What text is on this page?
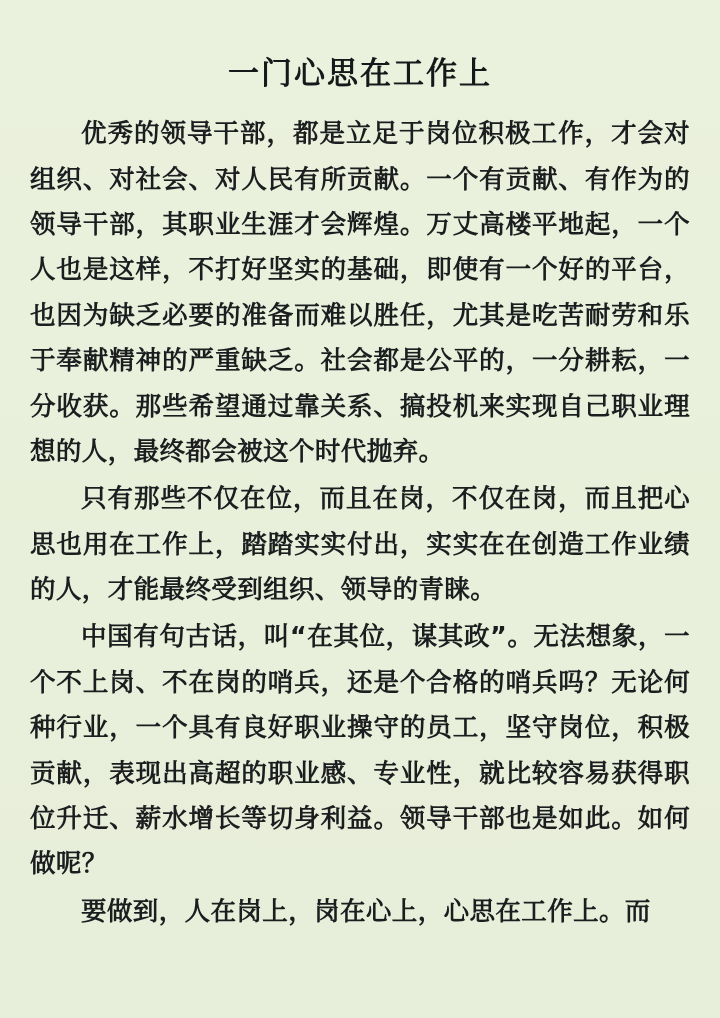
一门心思在工作上

优秀的领导干部，都是立足于岗位积极工作，才会对组织、对社会、对人民有所贡献。一个有贡献、有作为的领导干部，其职业生涯才会辉煌。万丈高楼平地起，一个人也是这样，不打好坚实的基础，即使有一个好的平台，也因为缺乏必要的准备而难以胜任，尤其是吃苦耐劳和乐于奉献精神的严重缺乏。社会都是公平的，一分耕耘，一分收获。那些希望通过靠关系、搞投机来实现自己职业理想的人，最终都会被这个时代抛弃。

只有那些不仅在位，而且在岗，不仅在岗，而且把心思也用在工作上，踏踏实实付出，实实在在创造工作业绩的人，才能最终受到组织、领导的青睐。

中国有句古话，叫“在其位，谋其政”。无法想象，一个不上岗、不在岗的哨兵，还是个合格的哨兵吗？无论何种行业，一个具有良好职业操守的员工，坚守岗位，积极贡献，表现出高超的职业感、专业性，就比较容易获得职位升迁、薪水增长等切身利益。领导干部也是如此。如何做呢？

要做到，人在岗上，岗在心上，心思在工作上。而
